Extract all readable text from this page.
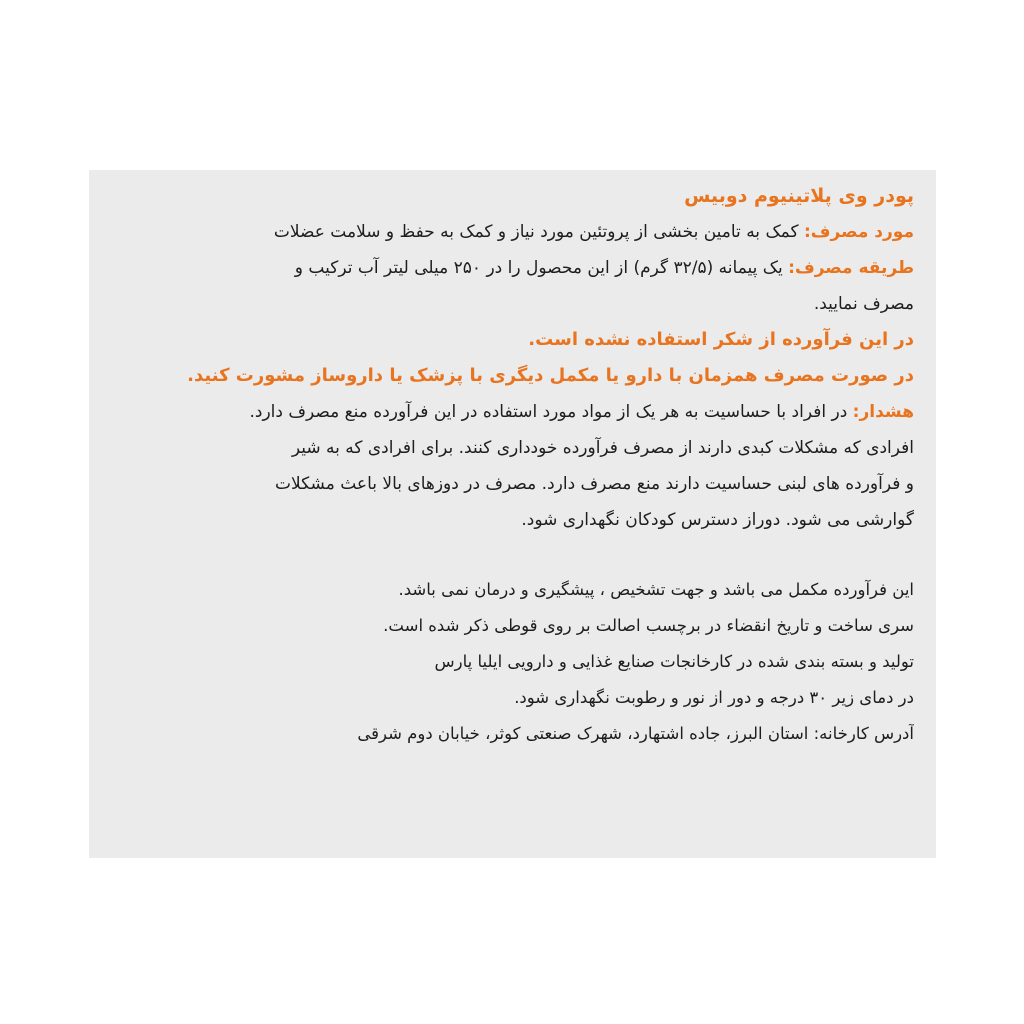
پودر وی پلاتینیوم دوبیس
مورد مصرف: کمک به تامین بخشی از پروتئین مورد نیاز و کمک به حفظ و سلامت عضلات
طریقه مصرف: یک پیمانه (۳۲/۵ گرم) از این محصول را در ۲۵۰ میلی لیتر آب ترکیب و
مصرف نمایید.
در این فرآورده از شکر استفاده نشده است.
در صورت مصرف همزمان با دارو یا مکمل دیگری با پزشک یا داروساز مشورت کنید.
هشدار: در افراد با حساسیت به هر یک از مواد مورد استفاده در این فرآورده منع مصرف دارد.
افرادی که مشکلات کبدی دارند از مصرف فرآورده خودداری کنند. برای افرادی که به شیر
و فرآورده های لبنی حساسیت دارند منع مصرف دارد. مصرف در دوزهای بالا باعث مشکلات
گوارشی می شود. دوراز دسترس کودکان نگهداری شود.
این فرآورده مکمل می باشد و جهت تشخیص ، پیشگیری و درمان نمی باشد.
سری ساخت و تاریخ انقضاء در برچسب اصالت بر روی قوطی ذکر شده است.
تولید و بسته بندی شده در کارخانجات صنایع غذایی و دارویی ایلیا پارس
در دمای زیر ۳۰ درجه و دور از نور و رطوبت نگهداری شود.
آدرس کارخانه: استان البرز، جاده اشتهارد، شهرک صنعتی کوثر، خیابان دوم شرقی
